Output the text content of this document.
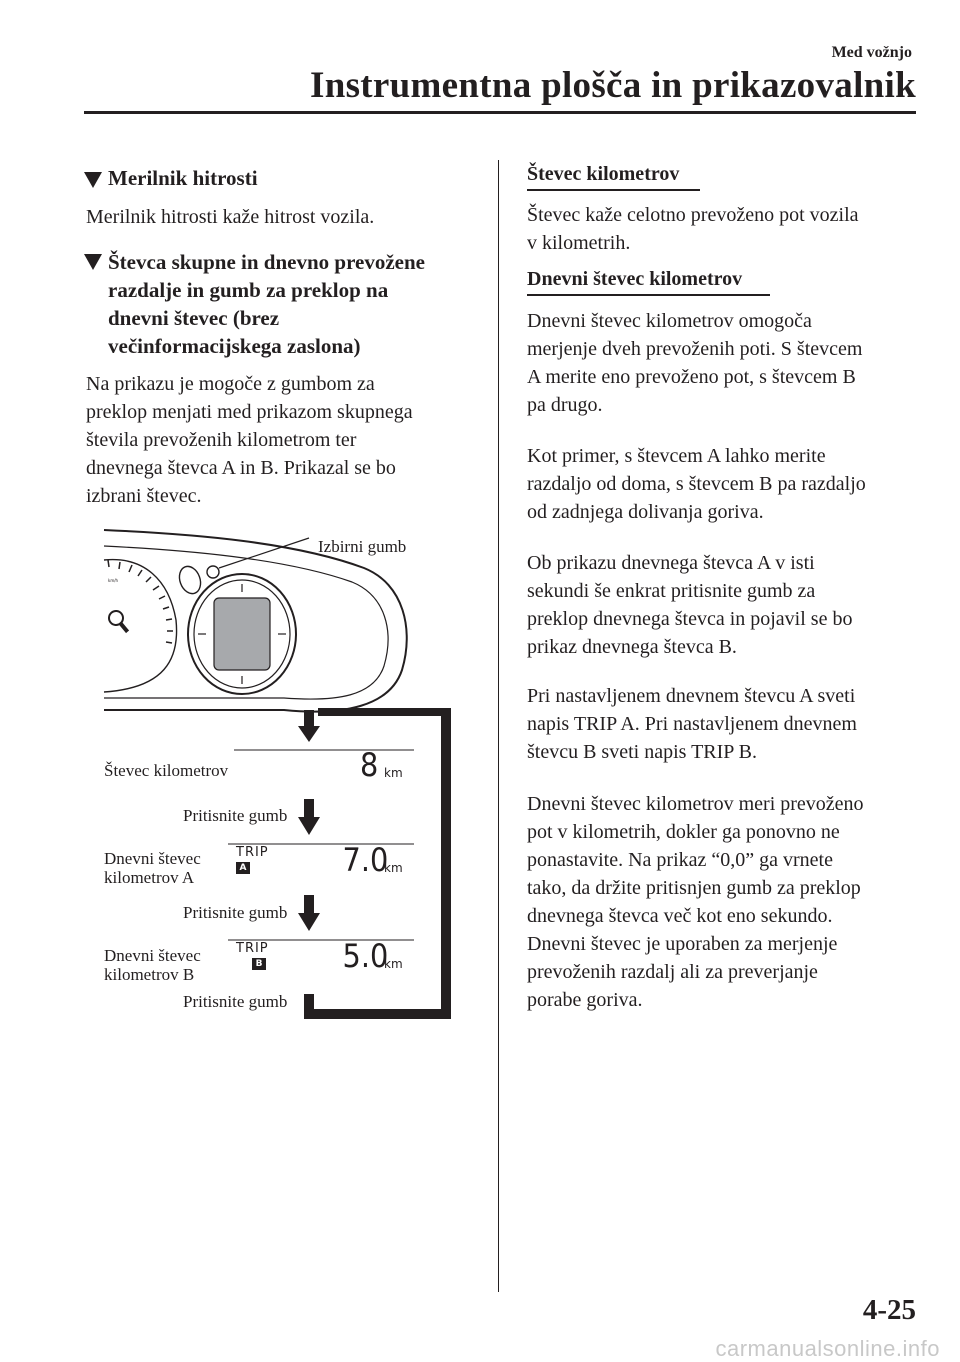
Med vožnjo
Instrumentna plošča in prikazovalnik
Merilnik hitrosti
Merilnik hitrosti kaže hitrost vozila.
Števca skupne in dnevno prevožene
razdalje in gumb za preklop na
dnevni števec (brez
večinformacijskega zaslona)
Na prikazu je mogoče z gumbom za
preklop menjati med prikazom skupnega
števila prevoženih kilometrom ter
dnevnega števca A in B. Prikazal se bo
izbrani števec.
km/h
Izbirni gumb
Števec kilometrov	8 km
Pritisnite gumb
Dnevni števec
kilometrov A
TRIP
A	7.0
km
Pritisnite gumb
Dnevni števec
kilometrov B
TRIP
B	5.0
km
Pritisnite gumb
Števec kilometrov
Števec kaže celotno prevoženo pot vozila
v kilometrih.
Dnevni števec kilometrov
Dnevni števec kilometrov omogoča
merjenje dveh prevoženih poti. S števcem
A merite eno prevoženo pot, s števcem B
pa drugo.
Kot primer, s števcem A lahko merite
razdaljo od doma, s števcem B pa razdaljo
od zadnjega dolivanja goriva.
Ob prikazu dnevnega števca A v isti
sekundi še enkrat pritisnite gumb za
preklop dnevnega števca in pojavil se bo
prikaz dnevnega števca B.
Pri nastavljenem dnevnem števcu A sveti
napis TRIP A. Pri nastavljenem dnevnem
števcu B sveti napis TRIP B.
Dnevni števec kilometrov meri prevoženo
pot v kilometrih, dokler ga ponovno ne
ponastavite. Na prikaz “0,0” ga vrnete
tako, da držite pritisnjen gumb za preklop
dnevnega števca več kot eno sekundo.
Dnevni števec je uporaben za merjenje
prevoženih razdalj ali za preverjanje
porabe goriva.
4-25
carmanualsonline.info
